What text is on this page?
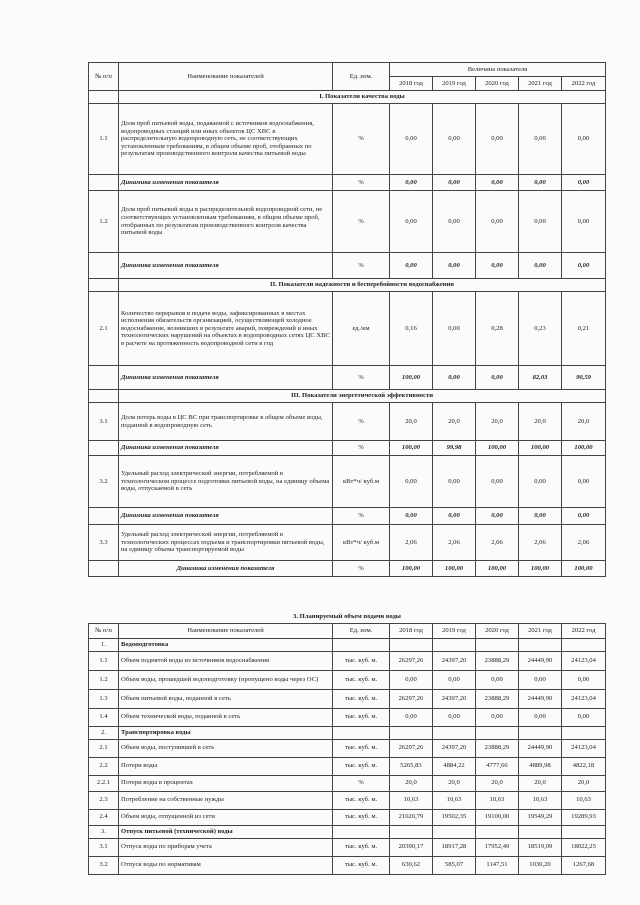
№ п/п	Наименование показателей	Ед. изм.	Величина показателя				
			2018 год	2019 год	2020 год	2021 год	2022 год
	I. Показатели качества воды						
1.1	Доля проб питьевой воды, подаваемой с источников водоснабжения, водопроводных станций или иных объектов ЦС ХВС в распределительную водопроводную сеть, не соответствующих установленным требованиям, в общем объеме проб, отобранных по результатам производственного контроля качества питьевой воды	%	0,00	0,00	0,00	0,00	0,00
	Динамика изменения показателя	%	0,00	0,00	0,00	0,00	0,00
1.2	Доля проб питьевой воды в распределительной водопроводной сети, не соответствующих установленным требованиям, в общем объеме проб, отобранных по результатам производственного контроля качества питьевой воды	%	0,00	0,00	0,00	0,00	0,00
	Динамика изменения показателя	%	0,00	0,00	0,00	0,00	0,00
	II. Показатели надежности и бесперебойности водоснабжения						
2.1	Количество перерывов в подаче воды, зафиксированных в местах исполнения обязательств организацией, осуществляющей холодное водоснабжение, возникших в результате аварий, повреждений и иных технологических нарушений на объектах в водопроводных сетях ЦС ХВС в расчете на протяженность водопроводной сети в год	ед./км	0,16	0,00	0,28	0,23	0,21
	Динамика изменения показателя	%	100,00	0,00	0,00	82,03	90,59
	III. Показатели энергетической эффективности						
3.1	Доля потерь воды в ЦС ВС при транспортировке в общем объеме воды, поданной в водопроводную сеть	%	20,0	20,0	20,0	20,0	20,0
	Динамика изменения показателя	%	100,00	99,98	100,00	100,00	100,00
3.2	Удельный расход электрической энергии, потребляемой в технологическом процессе подготовки питьевой воды, на единицу объема воды, отпускаемой в сеть	кВт*ч/ куб.м	0,00	0,00	0,00	0,00	0,00
	Динамика изменения показателя	%	0,00	0,00	0,00	0,00	0,00
3.3	Удельный расход электрической энергии, потребляемой в технологических процессах подъема и транспортировки питьевой воды, на единицу объема транспортируемой воды	кВт*ч/ куб.м	2,06	2,06	2,06	2,06	2,06
	Динамика изменения показателя	%	100,00	100,00	100,00	100,00	100,00
3. Планируемый объем подачи воды							
№ п/п	Наименование показателей	Ед. изм.	2018 год	2019 год	2020 год	2021 год	2022 год
1.	Водоподготовка						
1.1	Объем поднятой воды из источников водоснабжения	тыс. куб. м.	26297,26	24397,20	23888,29	24449,90	24123,04
1.2	Объем воды, прошедшей водоподготовку (пропущено воды через ОС)	тыс. куб. м.	0,00	0,00	0,00	0,00	0,00
1.3	Объем питьевой воды, поданной в сеть	тыс. куб. м.	26297,26	24397,20	23888,29	24449,90	24123,04
1.4	Объем технической воды, поданной в сеть	тыс. куб. м.	0,00	0,00	0,00	0,00	0,00
2.	Транспортировка воды						
2.1	Объем воды, поступившей в сеть	тыс. куб. м.	26297,26	24397,20	23888,29	24449,90	24123,04
2.2	Потери воды	тыс. куб. м.	5265,83	4884,22	4777,66	4889,98	4822,18
2.2.1	Потери воды в процентах	%	20,0	20,0	20,0	20,0	20,0
2.3	Потребление на собственные нужды	тыс. куб. м.	10,63	10,63	10,63	10,63	10,63
2.4	Объем воды, отпущенной из сети	тыс. куб. м.	21020,79	19502,35	19100,00	19549,29	19289,93
3.	Отпуск питьевой (технической) воды						
3.1	Отпуск воды по приборам учета	тыс. куб. м.	20390,17	18917,28	17952,49	18519,09	18022,25
3.2	Отпуск воды по нормативам	тыс. куб. м.	630,62	585,07	1147,51	1030,20	1267,68
